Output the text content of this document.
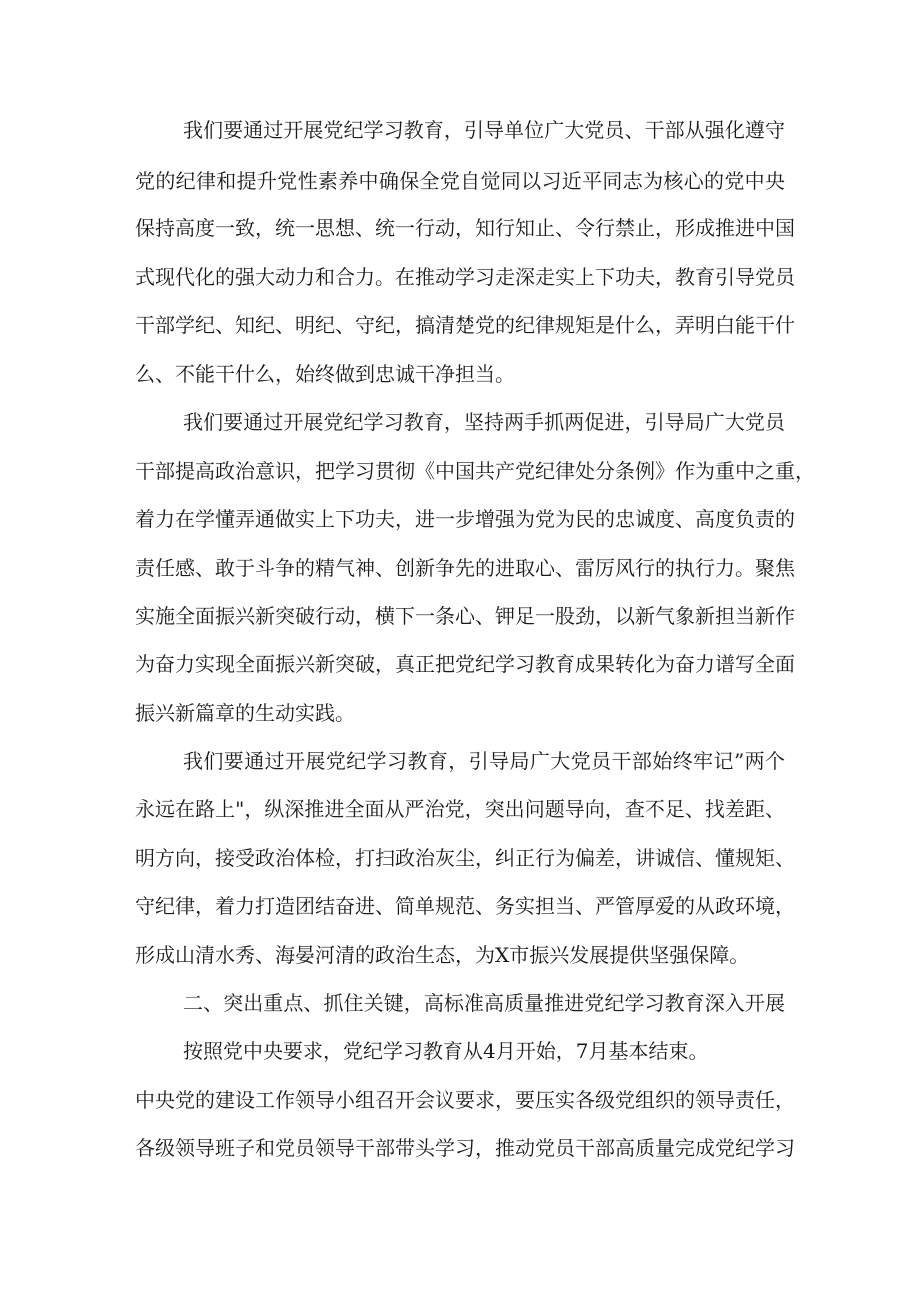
我们要通过开展党纪学习教育，引导单位广大党员、干部从强化遵守
党的纪律和提升党性素养中确保全党自觉同以习近平同志为核心的党中央
保持高度一致，统一思想、统一行动，知行知止、令行禁止，形成推进中国
式现代化的强大动力和合力。在推动学习走深走实上下功夫，教育引导党员
干部学纪、知纪、明纪、守纪，搞清楚党的纪律规矩是什么，弄明白能干什
么、不能干什么，始终做到忠诚干净担当。
我们要通过开展党纪学习教育，坚持两手抓两促进，引导局广大党员
干部提高政治意识，把学习贯彻《中国共产党纪律处分条例》作为重中之重，
着力在学懂弄通做实上下功夫，进一步增强为党为民的忠诚度、高度负责的
责任感、敢于斗争的精气神、创新争先的进取心、雷厉风行的执行力。聚焦
实施全面振兴新突破行动，横下一条心、钾足一股劲，以新气象新担当新作
为奋力实现全面振兴新突破，真正把党纪学习教育成果转化为奋力谱写全面
振兴新篇章的生动实践。
我们要通过开展党纪学习教育，引导局广大党员干部始终牢记”两个
永远在路上"，纵深推进全面从严治党，突出问题导向，查不足、找差距、
明方向，接受政治体检，打扫政治灰尘，纠正行为偏差，讲诚信、懂规矩、
守纪律，着力打造团结奋进、简单规范、务实担当、严管厚爱的从政环境，
形成山清水秀、海晏河清的政治生态，为X市振兴发展提供坚强保障。
二、突出重点、抓住关键，高标准高质量推进党纪学习教育深入开展
按照党中央要求，党纪学习教育从4月开始，7月基本结束。
中央党的建设工作领导小组召开会议要求，要压实各级党组织的领导责任，
各级领导班子和党员领导干部带头学习，推动党员干部高质量完成党纪学习
